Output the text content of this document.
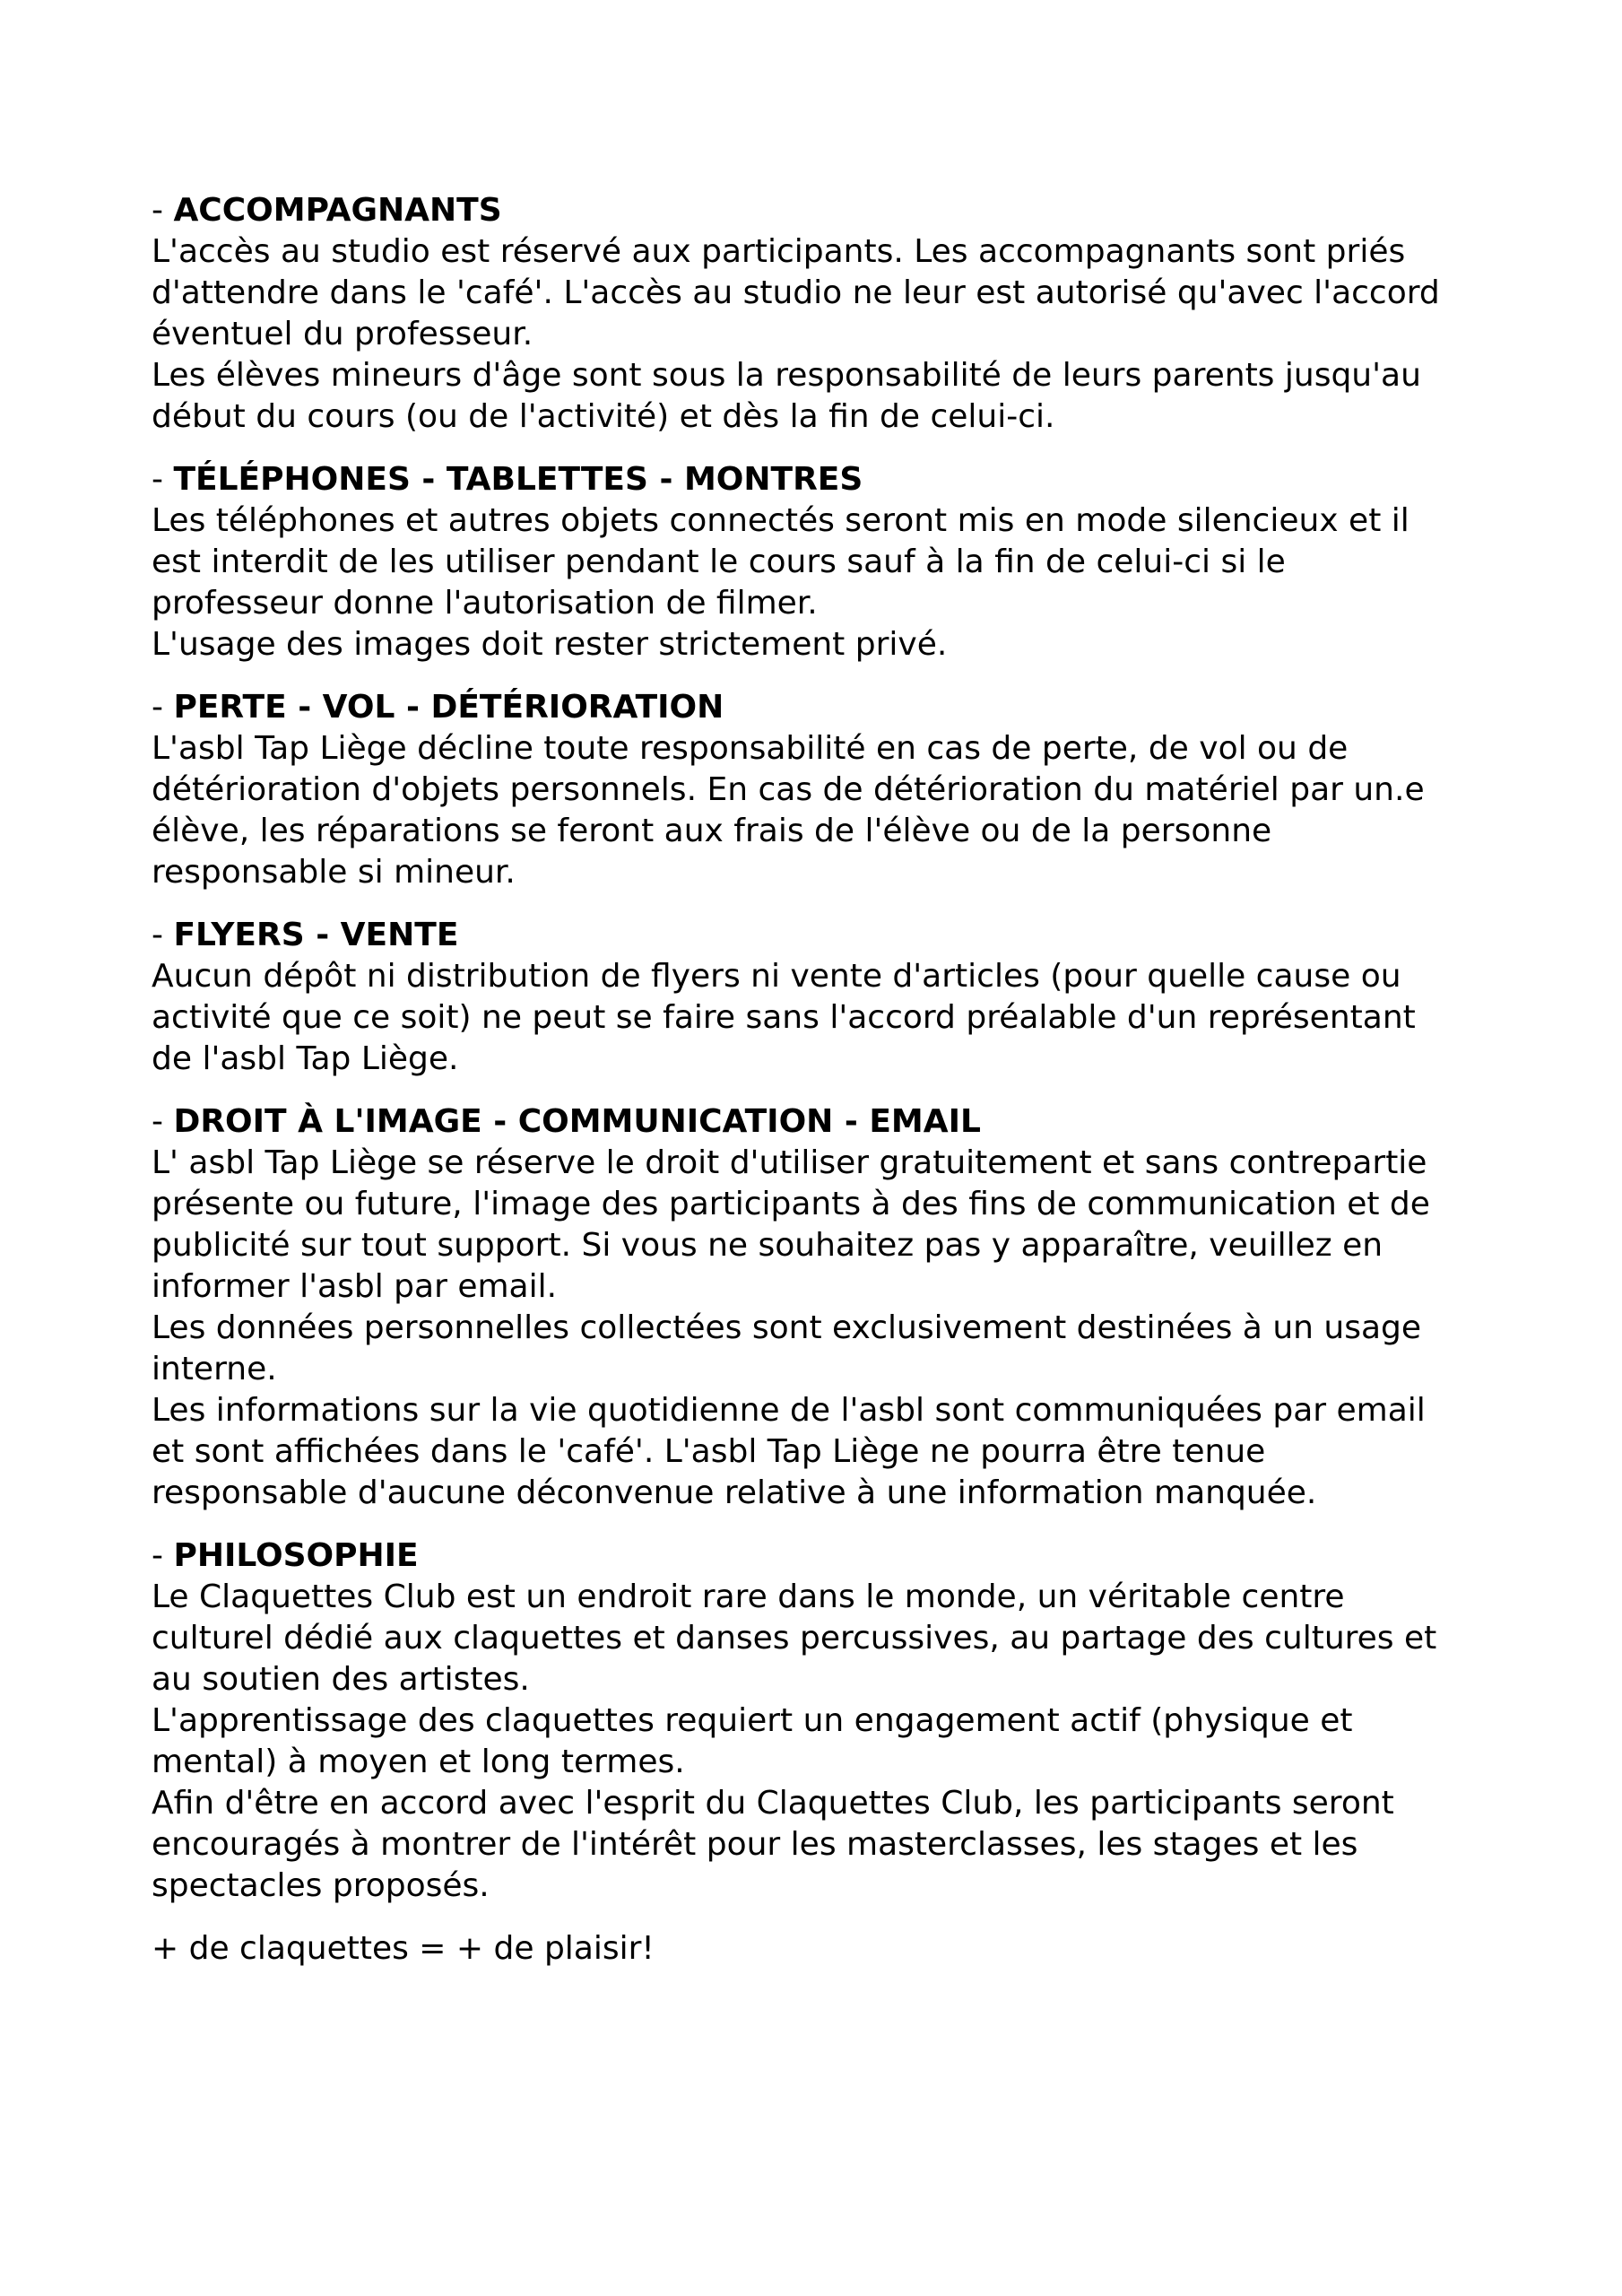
- ACCOMPAGNANTS

L'accès au studio est réservé aux participants. Les accompagnants sont priés
d'attendre dans le 'café'. L'accès au studio ne leur est autorisé qu'avec l'accord
éventuel du professeur.
Les élèves mineurs d'âge sont sous la responsabilité de leurs parents jusqu'au
début du cours (ou de l'activité) et dès la fin de celui-ci.

- TÉLÉPHONES - TABLETTES - MONTRES

Les téléphones et autres objets connectés seront mis en mode silencieux et il
est interdit de les utiliser pendant le cours sauf à la fin de celui-ci si le
professeur donne l'autorisation de filmer.
L'usage des images doit rester strictement privé.

- PERTE - VOL - DÉTÉRIORATION

L'asbl Tap Liège décline toute responsabilité en cas de perte, de vol ou de
détérioration d'objets personnels. En cas de détérioration du matériel par un.e
élève, les réparations se feront aux frais de l'élève ou de la personne
responsable si mineur.

- FLYERS - VENTE

Aucun dépôt ni distribution de flyers ni vente d'articles (pour quelle cause ou
activité que ce soit) ne peut se faire sans l'accord préalable d'un représentant
de l'asbl Tap Liège.

- DROIT À L'IMAGE - COMMUNICATION - EMAIL

L' asbl Tap Liège se réserve le droit d'utiliser gratuitement et sans contrepartie
présente ou future, l'image des participants à des fins de communication et de
publicité sur tout support. Si vous ne souhaitez pas y apparaître, veuillez en
informer l'asbl par email.
Les données personnelles collectées sont exclusivement destinées à un usage
interne.
Les informations sur la vie quotidienne de l'asbl sont communiquées par email
et sont affichées dans le 'café'. L'asbl Tap Liège ne pourra être tenue
responsable d'aucune déconvenue relative à une information manquée.

- PHILOSOPHIE

Le Claquettes Club est un endroit rare dans le monde, un véritable centre
culturel dédié aux claquettes et danses percussives, au partage des cultures et
au soutien des artistes.
L'apprentissage des claquettes requiert un engagement actif (physique et
mental) à moyen et long termes.
Afin d'être en accord avec l'esprit du Claquettes Club, les participants seront
encouragés à montrer de l'intérêt pour les masterclasses, les stages et les
spectacles proposés.

+ de claquettes = + de plaisir!
